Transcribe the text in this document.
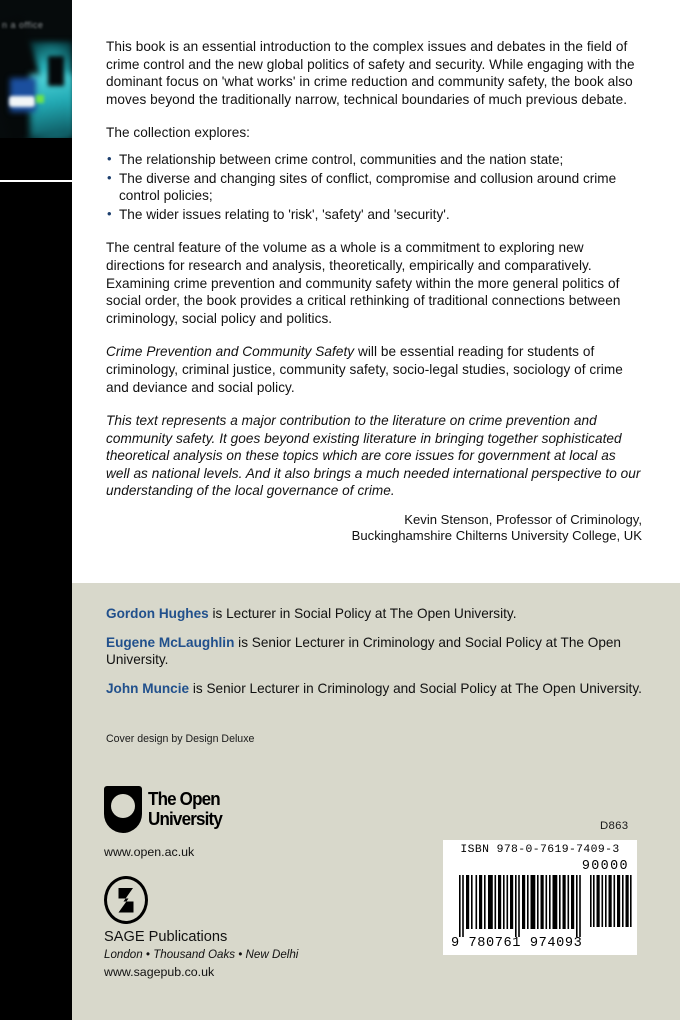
n a office

This book is an essential introduction to the complex issues and debates in the field of crime control and the new global politics of safety and security. While engaging with the dominant focus on 'what works' in crime reduction and community safety, the book also moves beyond the traditionally narrow, technical boundaries of much previous debate.

The collection explores:

• The relationship between crime control, communities and the nation state;
• The diverse and changing sites of conflict, compromise and collusion around crime control policies;
• The wider issues relating to 'risk', 'safety' and 'security'.

The central feature of the volume as a whole is a commitment to exploring new directions for research and analysis, theoretically, empirically and comparatively. Examining crime prevention and community safety within the more general politics of social order, the book provides a critical rethinking of traditional connections between criminology, social policy and politics.

Crime Prevention and Community Safety will be essential reading for students of criminology, criminal justice, community safety, socio-legal studies, sociology of crime and deviance and social policy.

This text represents a major contribution to the literature on crime prevention and community safety. It goes beyond existing literature in bringing together sophisticated theoretical analysis on these topics which are core issues for government at local as well as national levels. And it also brings a much needed international perspective to our understanding of the local governance of crime.

Kevin Stenson, Professor of Criminology,

Buckinghamshire Chilterns University College, UK

Gordon Hughes is Lecturer in Social Policy at The Open University.

Eugene McLaughlin is Senior Lecturer in Criminology and Social Policy at The Open University.

John Muncie is Senior Lecturer in Criminology and Social Policy at The Open University.

Cover design by Design Deluxe

The Open
University
www.open.ac.uk

SAGE Publications

London • Thousand Oaks • New Delhi

www.sagepub.co.uk

D863
ISBN 978-0-7619-7409-3
90000
9 780761 974093
